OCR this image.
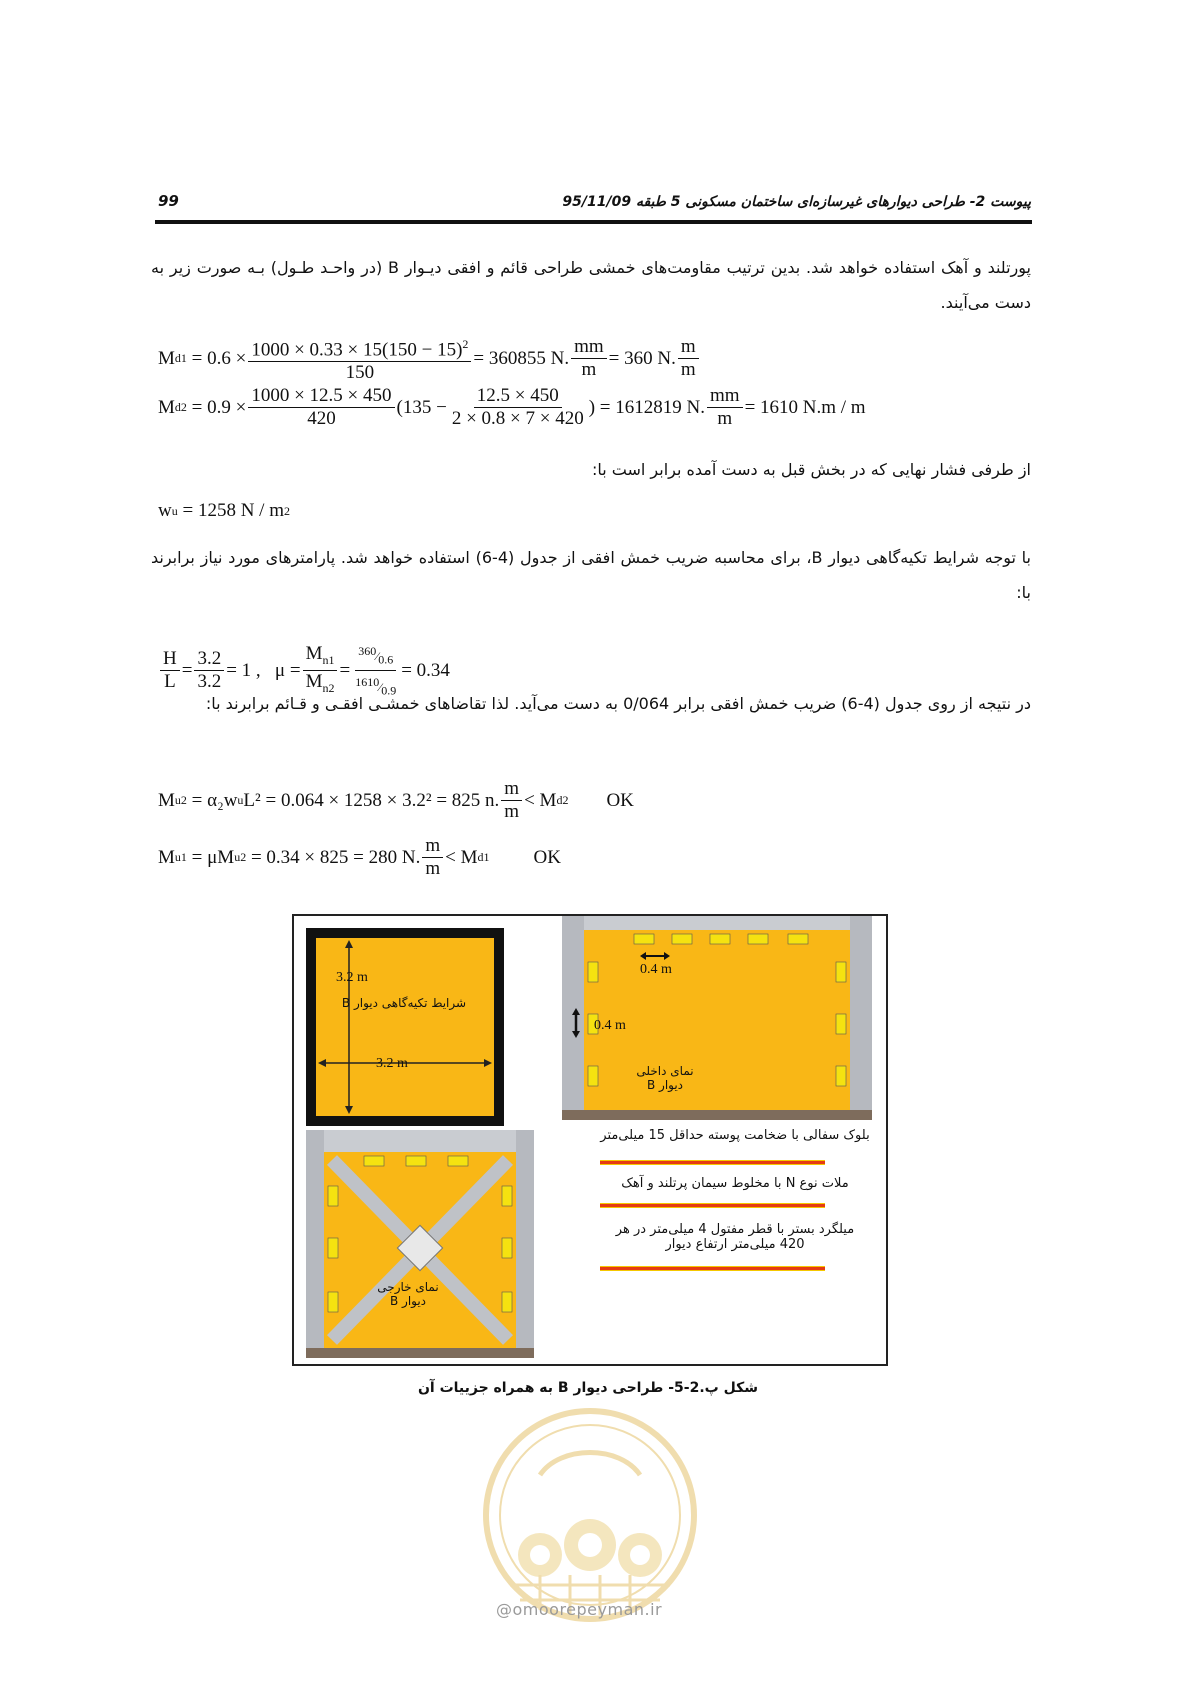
پیوست 2- طراحی دیوارهای غیرسازه‌ای ساختمان مسکونی 5 طبقه 95/11/09
99
پورتلند و آهک استفاده خواهد شد. بدین ترتیب مقاومت‌های خمشی طراحی قائم و افقی دیـوار B (در واحـد طـول) بـه صورت زیر به دست می‌آیند.
M d1
= $0.6 \times \frac{1000 \times 0.33 \times 15(150 - 15)^2}{150} = 360855$ N. $\frac{mm}{m} = 360$ N.
m
m
M d2
= $0.9 \times \frac{1000 \times 12.5 \times 450}{420} (135 - \frac{12.5 \times 450}{2 \times 0.8 \times 7 \times 420}$ ) = 1612819 N. $\frac{mm}{m} = 1610$ N.m / m
از طرفی فشار نهایی که در بخش قبل به دست آمده برابر است با:
w u
= 1258 N / m 2
با توجه شرایط تکیه‌گاهی دیوار B، برای محاسبه ضریب خمش افقی از جدول (4-6) استفاده خواهد شد. پارامترهای مورد نیاز برابرند با:
$\frac{H}{L} = \frac{3.2}{3.2} = 1$ ,
$\mu = \frac{M_{n1}}{M_{n2}} = \frac{^{360}⁄_{0.6}}{^{1610}⁄_{0.9}} = 0.34$
در نتیجه از روی جدول (4-6) ضریب خمش افقی برابر 0/064 به دست می‌آید. لذا تقاضاهای خمشـی افقـی و قـائم برابرند با:
M u2
= α₂w u L² = 0.064 × 1258 × 3.2² = 825 n.
m
m
< M d2 OK
M u1
= μM u2
= 0.34 × 825 = 280 N.
m
m
< M d1 OK
3.2 m
شرایط تکیه‌گاهی دیوار B
3.2 m
0.4 m
0.4 m
نمای داخلی
دیوار B
نمای خارجی
دیوار B
بلوک سفالی با ضخامت پوسته حداقل 15 میلی‌متر
ملات نوع N با مخلوط سیمان پرتلند و آهک
میلگرد بستر با قطر مفتول 4 میلی‌متر در هر
420 میلی‌متر ارتفاع دیوار
شکل پ.2-5- طراحی دیوار B به همراه جزییات آن
@omoorepeyman.ir
